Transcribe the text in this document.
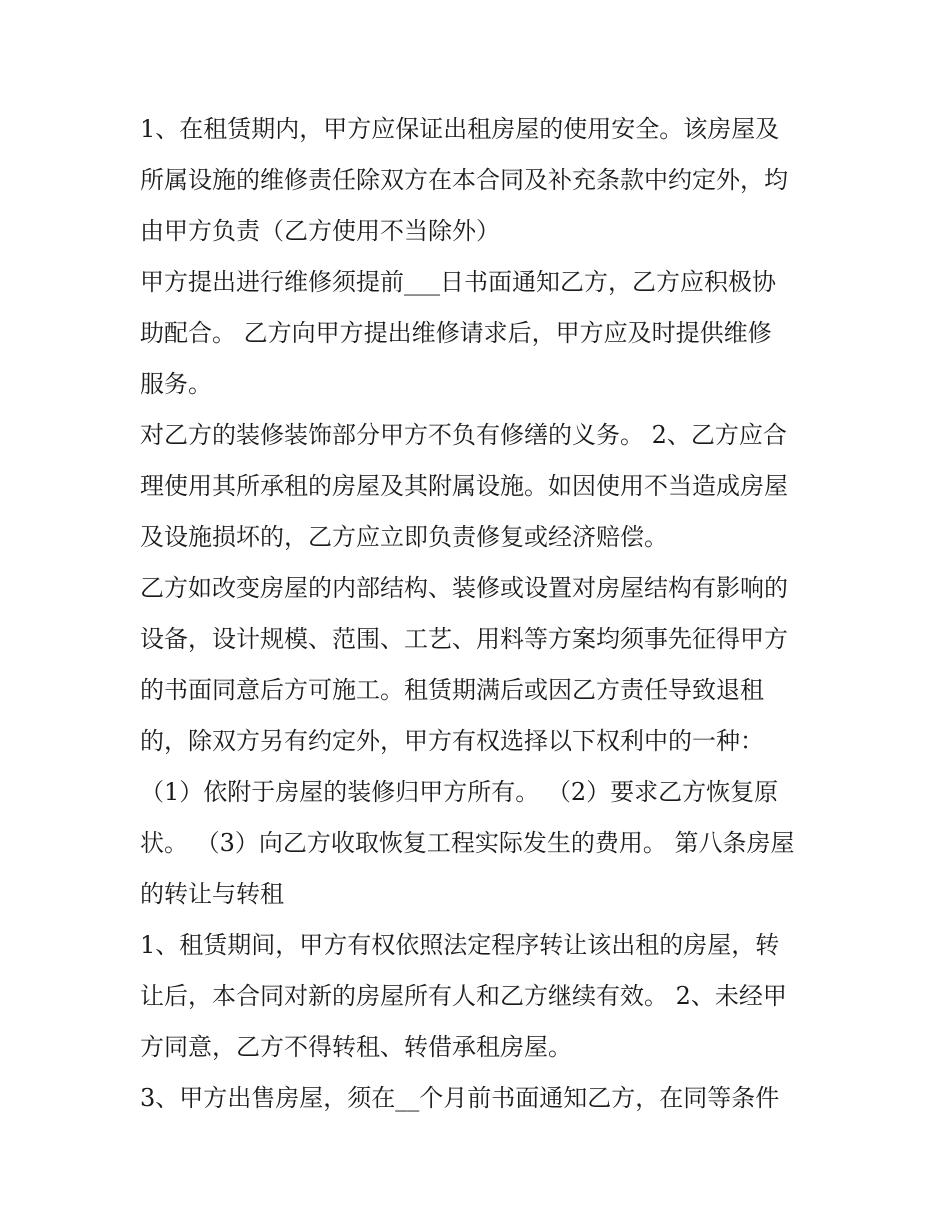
1、在租赁期内，甲方应保证出租房屋的使用安全。该房屋及
所属设施的维修责任除双方在本合同及补充条款中约定外，均
由甲方负责（乙方使用不当除外）
甲方提出进行维修须提前___日书面通知乙方，乙方应积极协
助配合。 乙方向甲方提出维修请求后，甲方应及时提供维修
服务。
对乙方的装修装饰部分甲方不负有修缮的义务。 2、乙方应合
理使用其所承租的房屋及其附属设施。如因使用不当造成房屋
及设施损坏的，乙方应立即负责修复或经济赔偿。
乙方如改变房屋的内部结构、装修或设置对房屋结构有影响的
设备，设计规模、范围、工艺、用料等方案均须事先征得甲方
的书面同意后方可施工。租赁期满后或因乙方责任导致退租
的，除双方另有约定外，甲方有权选择以下权利中的一种：
（1）依附于房屋的装修归甲方所有。 （2）要求乙方恢复原
状。 （3）向乙方收取恢复工程实际发生的费用。 第八条房屋
的转让与转租
1、租赁期间，甲方有权依照法定程序转让该出租的房屋，转
让后，本合同对新的房屋所有人和乙方继续有效。 2、未经甲
方同意，乙方不得转租、转借承租房屋。
3、甲方出售房屋，须在__个月前书面通知乙方，在同等条件
